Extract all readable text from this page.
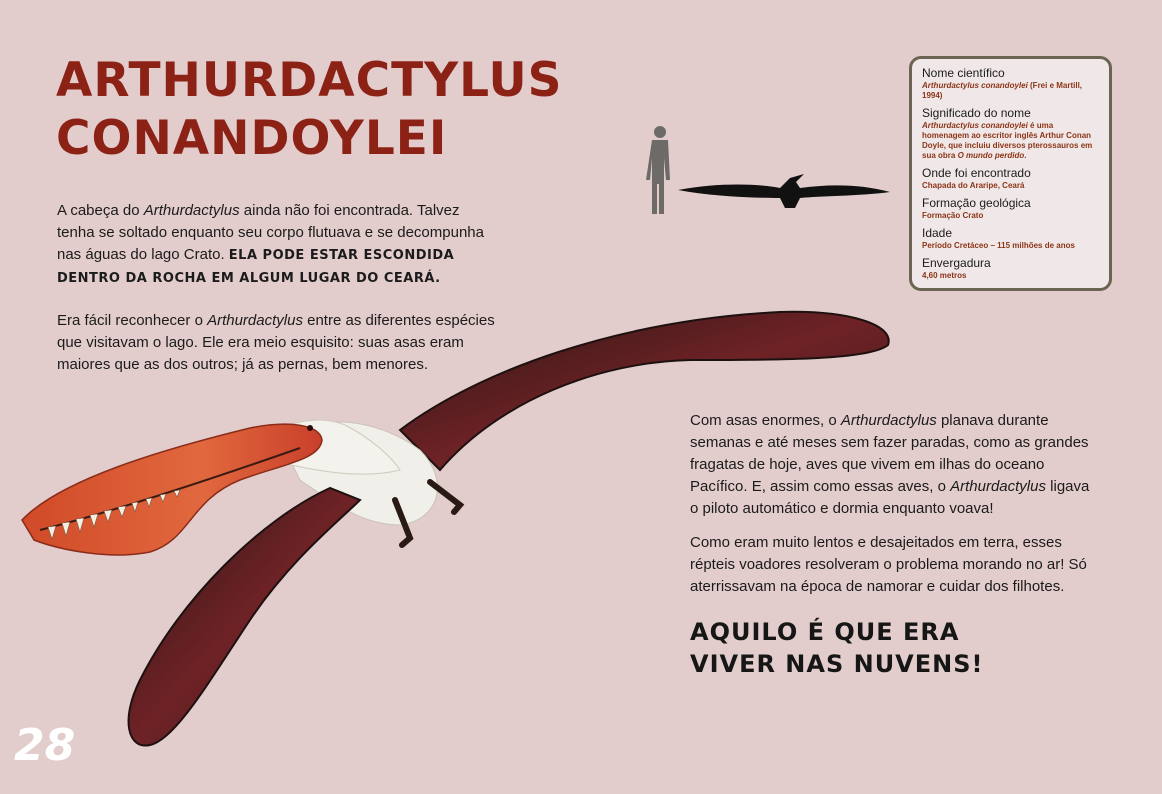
ARTHURDACTYLUS
CONANDOYLEI

A cabeça do Arthurdactylus ainda não foi encontrada. Talvez tenha se soltado enquanto seu corpo flutuava e se decompunha nas águas do lago Crato. ELA PODE ESTAR ESCONDIDA DENTRO DA ROCHA EM ALGUM LUGAR DO CEARÁ.

Era fácil reconhecer o Arthurdactylus entre as diferentes espécies que visitavam o lago. Ele era meio esquisito: suas asas eram maiores que as dos outros; já as pernas, bem menores.

Com asas enormes, o Arthurdactylus planava durante semanas e até meses sem fazer paradas, como as grandes fragatas de hoje, aves que vivem em ilhas do oceano Pacífico. E, assim como essas aves, o Arthurdactylus ligava o piloto automático e dormia enquanto voava!

Como eram muito lentos e desajeitados em terra, esses répteis voadores resolveram o problema morando no ar! Só aterrissavam na época de namorar e cuidar dos filhotes.

AQUILO É QUE ERA
VIVER NAS NUVENS!

Nome científico
Arthurdactylus conandoylei (Frei e Martill, 1994)
Significado do nome
Arthurdactylus conandoylei é uma homenagem ao escritor inglês Arthur Conan Doyle, que incluiu diversos pterossauros em sua obra O mundo perdido.
Onde foi encontrado
Chapada do Araripe, Ceará
Formação geológica
Formação Crato
Idade
Período Cretáceo – 115 milhões de anos
Envergadura
4,60 metros
28
